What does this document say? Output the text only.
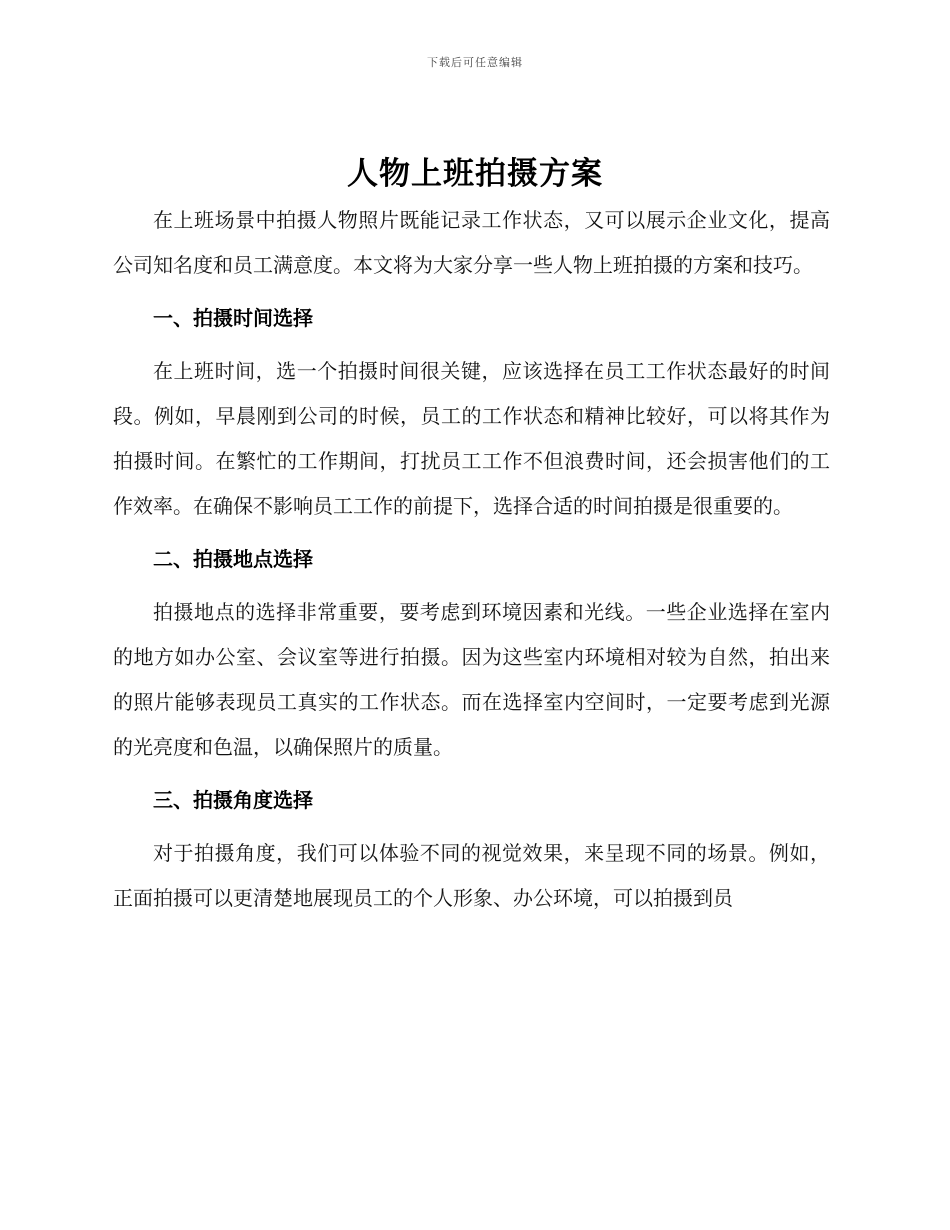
下载后可任意编辑
人物上班拍摄方案

在上班场景中拍摄人物照片既能记录工作状态，又可以展示企业文化，提高公司知名度和员工满意度。本文将为大家分享一些人物上班拍摄的方案和技巧。

一、拍摄时间选择

在上班时间，选一个拍摄时间很关键，应该选择在员工工作状态最好的时间段。例如，早晨刚到公司的时候，员工的工作状态和精神比较好，可以将其作为拍摄时间。在繁忙的工作期间，打扰员工工作不但浪费时间，还会损害他们的工作效率。在确保不影响员工工作的前提下，选择合适的时间拍摄是很重要的。

二、拍摄地点选择

拍摄地点的选择非常重要，要考虑到环境因素和光线。一些企业选择在室内的地方如办公室、会议室等进行拍摄。因为这些室内环境相对较为自然，拍出来的照片能够表现员工真实的工作状态。而在选择室内空间时，一定要考虑到光源的光亮度和色温，以确保照片的质量。

三、拍摄角度选择

对于拍摄角度，我们可以体验不同的视觉效果，来呈现不同的场景。例如，正面拍摄可以更清楚地展现员工的个人形象、办公环境，可以拍摄到员
